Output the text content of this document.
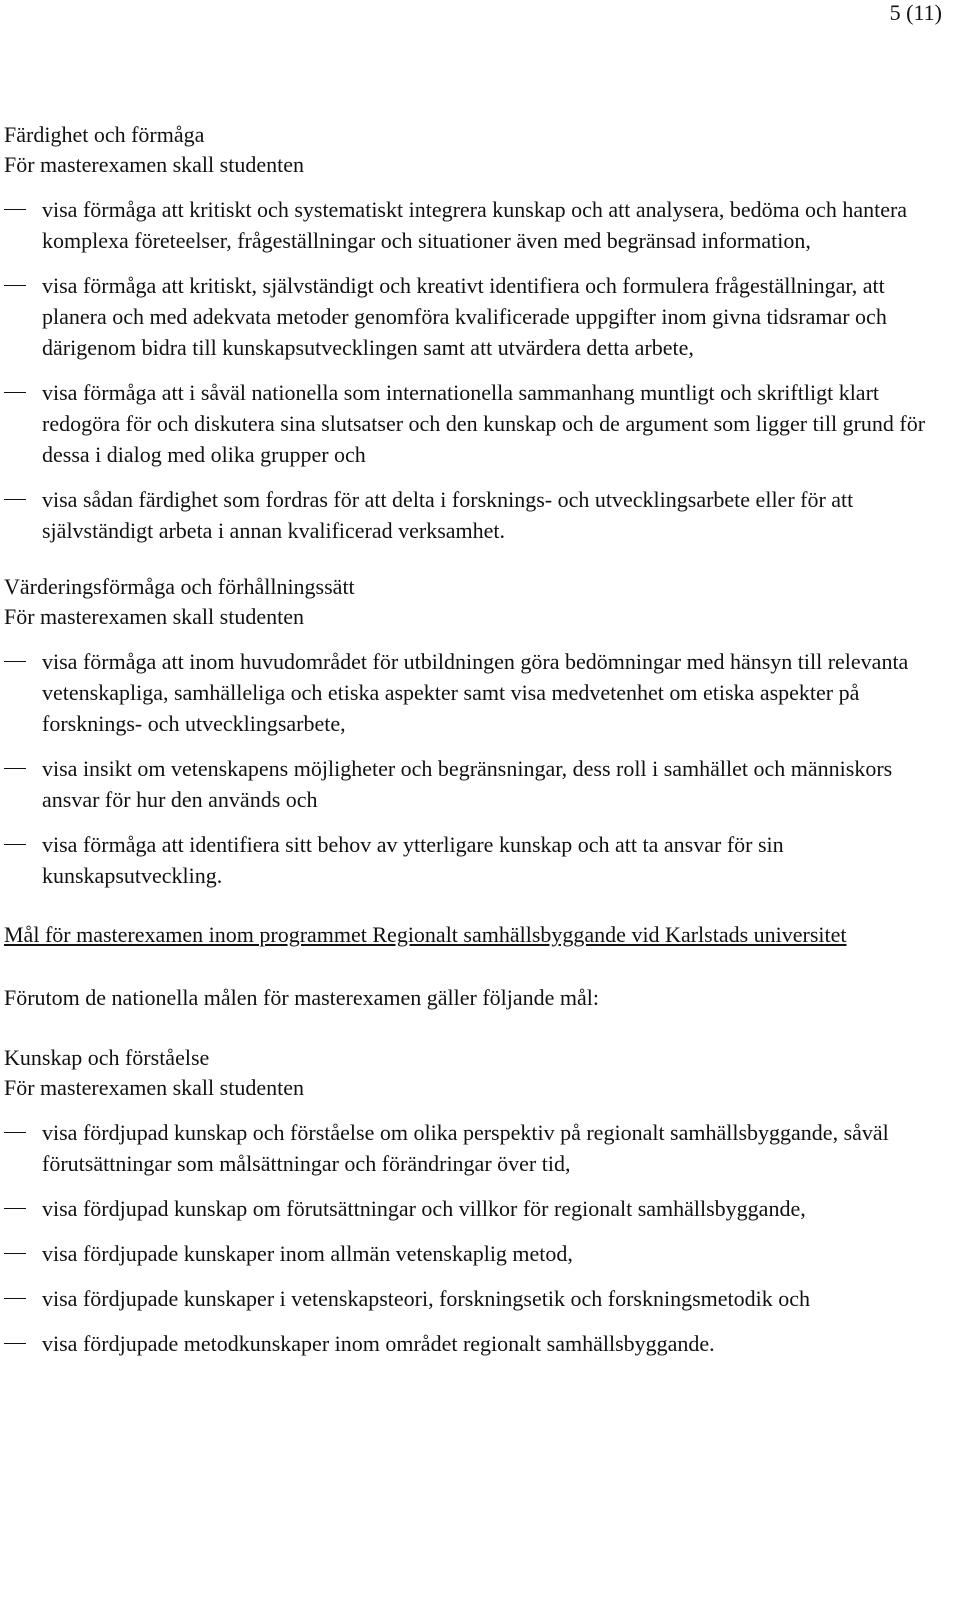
5 (11)

Färdighet och förmåga

För masterexamen skall studenten

visa förmåga att kritiskt och systematiskt integrera kunskap och att analysera, bedöma och hantera komplexa företeelser, frågeställningar och situationer även med begränsad information,
visa förmåga att kritiskt, självständigt och kreativt identifiera och formulera frågeställningar, att planera och med adekvata metoder genomföra kvalificerade uppgifter inom givna tidsramar och därigenom bidra till kunskapsutvecklingen samt att utvärdera detta arbete,
visa förmåga att i såväl nationella som internationella sammanhang muntligt och skriftligt klart redogöra för och diskutera sina slutsatser och den kunskap och de argument som ligger till grund för dessa i dialog med olika grupper och
visa sådan färdighet som fordras för att delta i forsknings- och utvecklingsarbete eller för att självständigt arbeta i annan kvalificerad verksamhet.

Värderingsförmåga och förhållningssätt

För masterexamen skall studenten

visa förmåga att inom huvudområdet för utbildningen göra bedömningar med hänsyn till relevanta vetenskapliga, samhälleliga och etiska aspekter samt visa medvetenhet om etiska aspekter på forsknings- och utvecklingsarbete,
visa insikt om vetenskapens möjligheter och begränsningar, dess roll i samhället och människors ansvar för hur den används och
visa förmåga att identifiera sitt behov av ytterligare kunskap och att ta ansvar för sin kunskapsutveckling.

Mål för masterexamen inom programmet Regionalt samhällsbyggande vid Karlstads universitet

Förutom de nationella målen för masterexamen gäller följande mål:

Kunskap och förståelse

För masterexamen skall studenten

visa fördjupad kunskap och förståelse om olika perspektiv på regionalt samhällsbyggande, såväl förutsättningar som målsättningar och förändringar över tid,
visa fördjupad kunskap om förutsättningar och villkor för regionalt samhällsbyggande,
visa fördjupade kunskaper inom allmän vetenskaplig metod,
visa fördjupade kunskaper i vetenskapsteori, forskningsetik och forskningsmetodik och
visa fördjupade metodkunskaper inom området regionalt samhällsbyggande.
